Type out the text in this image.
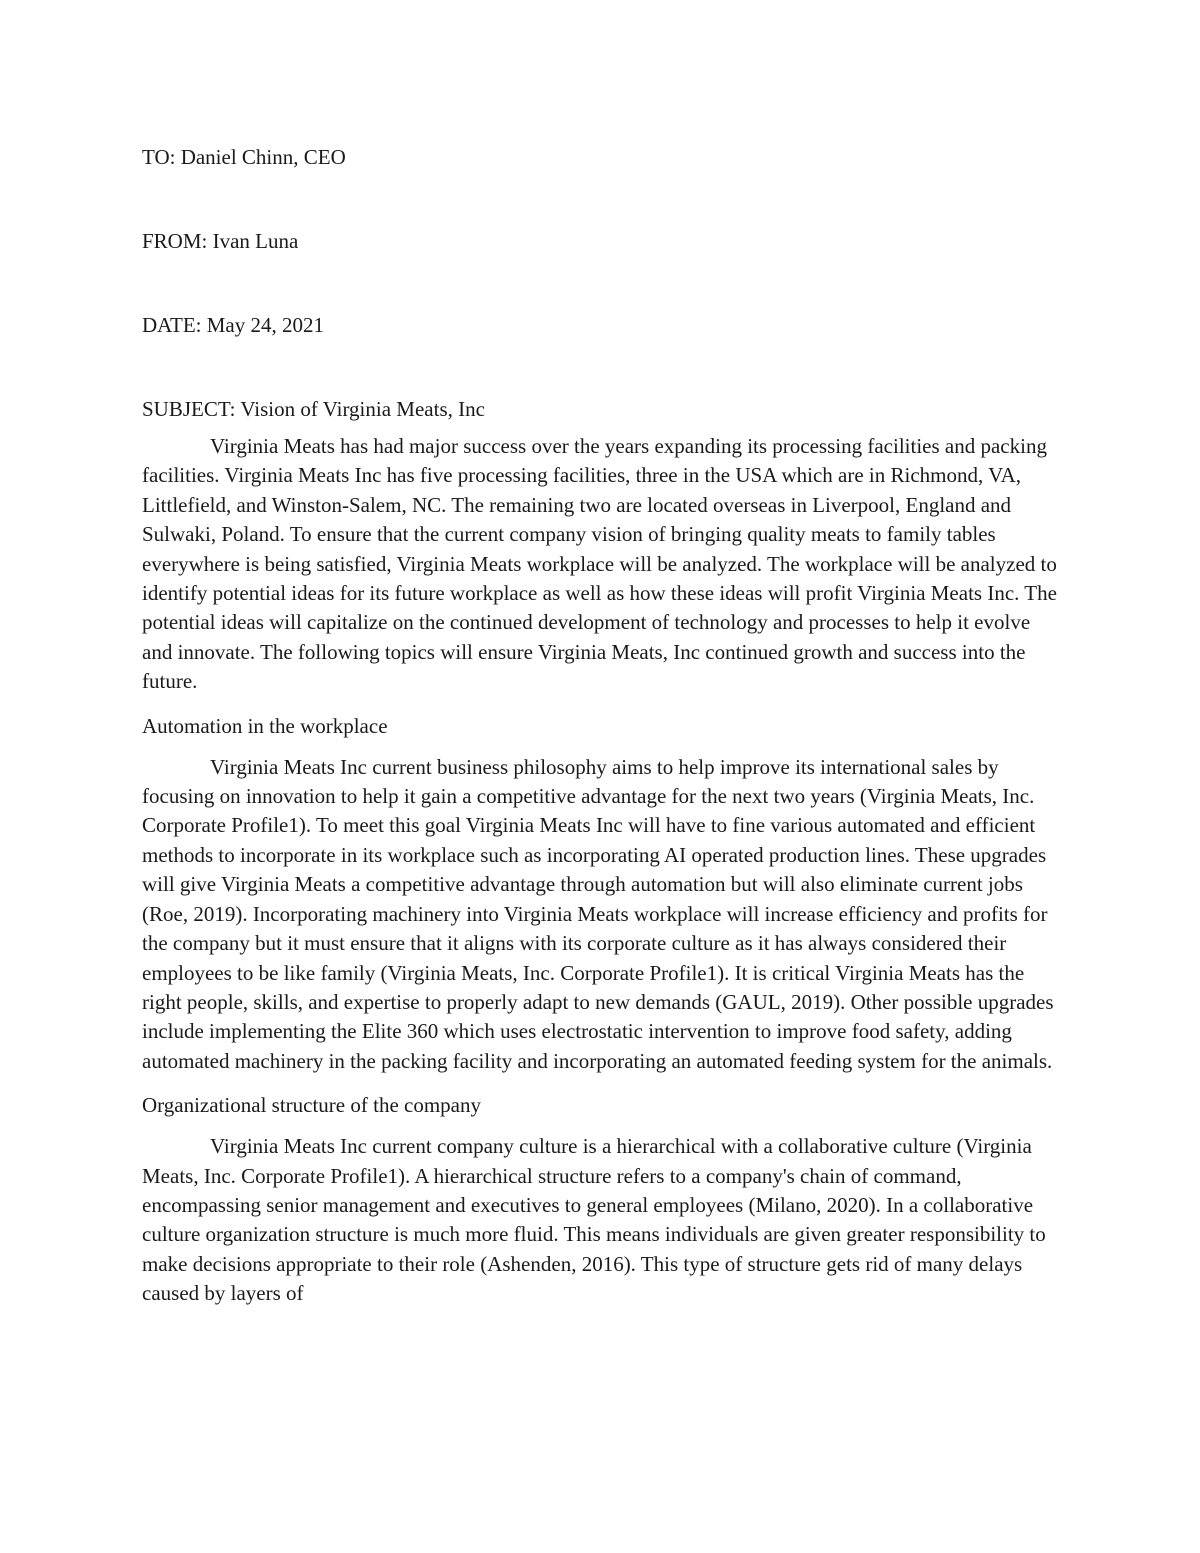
TO: Daniel Chinn, CEO

FROM: Ivan Luna

DATE: May 24, 2021

SUBJECT: Vision of Virginia Meats, Inc

Virginia Meats has had major success over the years expanding its processing facilities and packing facilities. Virginia Meats Inc has five processing facilities, three in the USA which are in Richmond, VA, Littlefield, and Winston-Salem, NC. The remaining two are located overseas in Liverpool, England and Sulwaki, Poland. To ensure that the current company vision of bringing quality meats to family tables everywhere is being satisfied, Virginia Meats workplace will be analyzed. The workplace will be analyzed to identify potential ideas for its future workplace as well as how these ideas will profit Virginia Meats Inc. The potential ideas will capitalize on the continued development of technology and processes to help it evolve and innovate. The following topics will ensure Virginia Meats, Inc continued growth and success into the future.

Automation in the workplace

Virginia Meats Inc current business philosophy aims to help improve its international sales by focusing on innovation to help it gain a competitive advantage for the next two years (Virginia Meats, Inc. Corporate Profile1). To meet this goal Virginia Meats Inc will have to fine various automated and efficient methods to incorporate in its workplace such as incorporating AI operated production lines. These upgrades will give Virginia Meats a competitive advantage through automation but will also eliminate current jobs (Roe, 2019). Incorporating machinery into Virginia Meats workplace will increase efficiency and profits for the company but it must ensure that it aligns with its corporate culture as it has always considered their employees to be like family (Virginia Meats, Inc. Corporate Profile1). It is critical Virginia Meats has the right people, skills, and expertise to properly adapt to new demands (GAUL, 2019). Other possible upgrades include implementing the Elite 360 which uses electrostatic intervention to improve food safety, adding automated machinery in the packing facility and incorporating an automated feeding system for the animals.

Organizational structure of the company

Virginia Meats Inc current company culture is a hierarchical with a collaborative culture (Virginia Meats, Inc. Corporate Profile1). A hierarchical structure refers to a company's chain of command, encompassing senior management and executives to general employees (Milano, 2020). In a collaborative culture organization structure is much more fluid. This means individuals are given greater responsibility to make decisions appropriate to their role (Ashenden, 2016). This type of structure gets rid of many delays caused by layers of
